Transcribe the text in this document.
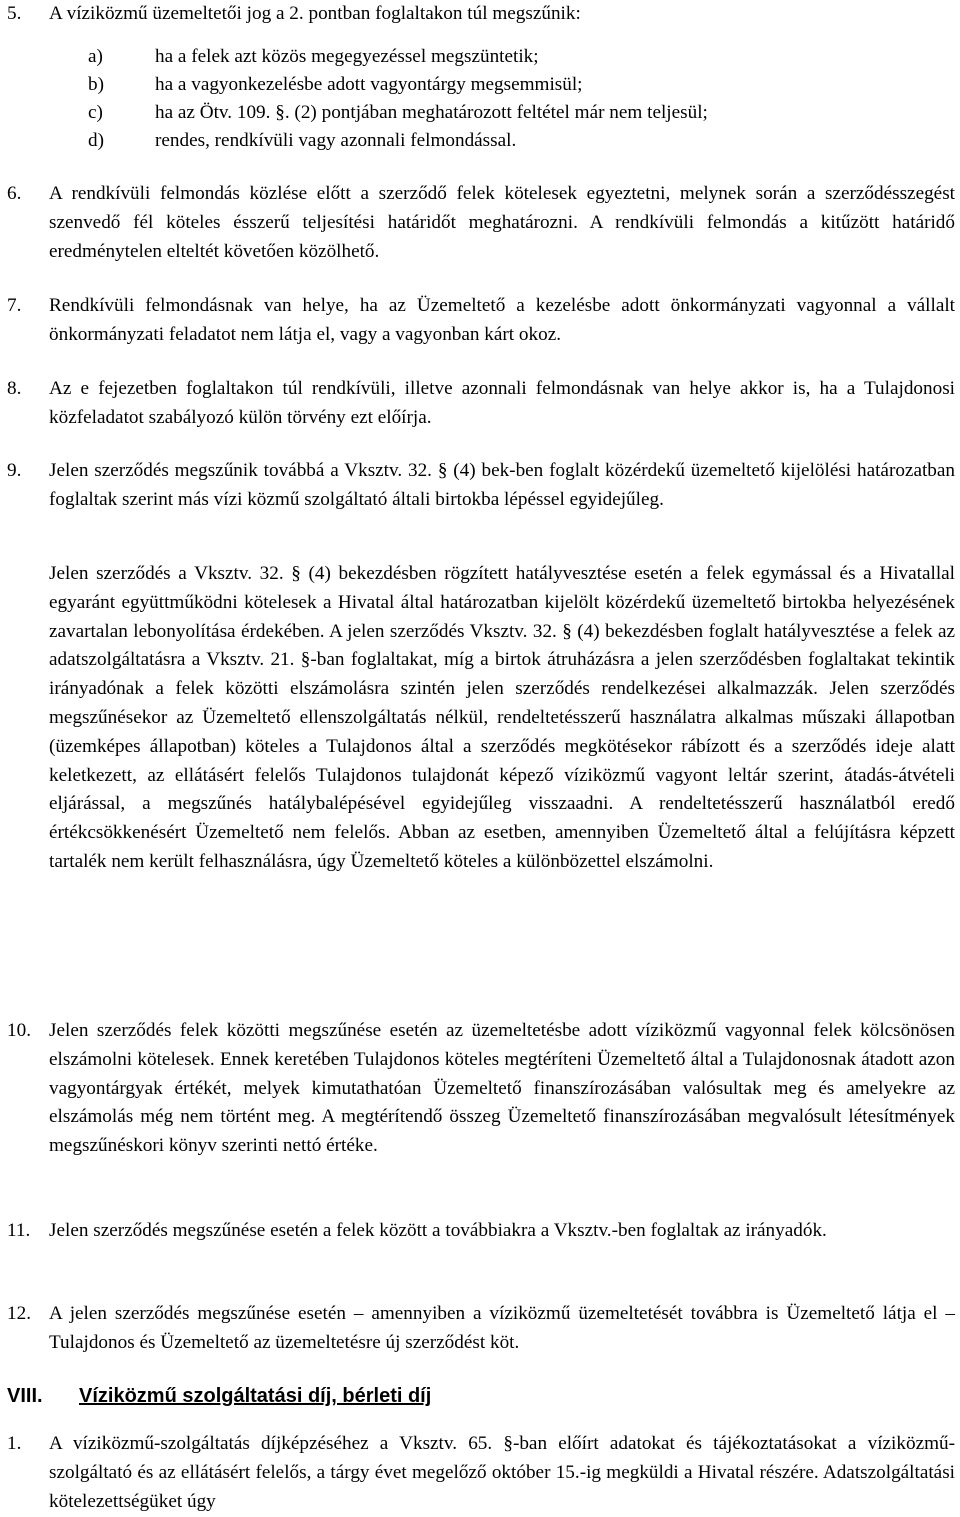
5. A víziközmű üzemeltetői jog a 2. pontban foglaltakon túl megszűnik:
a)	ha a felek azt közös megegyezéssel megszüntetik;
b)	ha a vagyonkezelésbe adott vagyontárgy megsemmisül;
c)	ha az Ötv. 109. §. (2) pontjában meghatározott feltétel már nem teljesül;
d)	rendes, rendkívüli vagy azonnali felmondással.
6. A rendkívüli felmondás közlése előtt a szerződő felek kötelesek egyeztetni, melynek során a szerződésszegést szenvedő fél köteles ésszerű teljesítési határidőt meghatározni. A rendkívüli felmondás a kitűzött határidő eredménytelen elteltét követően közölhető.
7. Rendkívüli felmondásnak van helye, ha az Üzemeltető a kezelésbe adott önkormányzati vagyonnal a vállalt önkormányzati feladatot nem látja el, vagy a vagyonban kárt okoz.
8. Az e fejezetben foglaltakon túl rendkívüli, illetve azonnali felmondásnak van helye akkor is, ha a Tulajdonosi közfeladatot szabályozó külön törvény ezt előírja.
9. Jelen szerződés megszűnik továbbá a Vksztv. 32. § (4) bek-ben foglalt közérdekű üzemeltető kijelölési határozatban foglaltak szerint más vízi közmű szolgáltató általi birtokba lépéssel egyidejűleg.
Jelen szerződés a Vksztv. 32. § (4) bekezdésben rögzített hatályvesztése esetén a felek egymással és a Hivatallal egyaránt együttműködni kötelesek a Hivatal által határozatban kijelölt közérdekű üzemeltető birtokba helyezésének zavartalan lebonyolítása érdekében. A jelen szerződés Vksztv. 32. § (4) bekezdésben foglalt hatályvesztése a felek az adatszolgáltatásra a Vksztv. 21. §-ban foglaltakat, míg a birtok átruházásra a jelen szerződésben foglaltakat tekintik irányadónak a felek közötti elszámolásra szintén jelen szerződés rendelkezései alkalmazzák. Jelen szerződés megszűnésekor az Üzemeltető ellenszolgáltatás nélkül, rendeltetésszerű használatra alkalmas műszaki állapotban (üzemképes állapotban) köteles a Tulajdonos által a szerződés megkötésekor rábízott és a szerződés ideje alatt keletkezett, az ellátásért felelős Tulajdonos tulajdonát képező víziközmű vagyont leltár szerint, átadás-átvételi eljárással, a megszűnés hatálybalépésével egyidejűleg visszaadni. A rendeltetésszerű használatból eredő értékcsökkenésért Üzemeltető nem felelős. Abban az esetben, amennyiben Üzemeltető által a felújításra képzett tartalék nem került felhasználásra, úgy Üzemeltető köteles a különbözettel elszámolni.
10. Jelen szerződés felek közötti megszűnése esetén az üzemeltetésbe adott víziközmű vagyonnal felek kölcsönösen elszámolni kötelesek. Ennek keretében Tulajdonos köteles megtéríteni Üzemeltető által a Tulajdonosnak átadott azon vagyontárgyak értékét, melyek kimutathatóan Üzemeltető finanszírozásában valósultak meg és amelyekre az elszámolás még nem történt meg. A megtérítendő összeg Üzemeltető finanszírozásában megvalósult létesítmények megszűnéskori könyv szerinti nettó értéke.
11. Jelen szerződés megszűnése esetén a felek között a továbbiakra a Vksztv.-ben foglaltak az irányadók.
12. A jelen szerződés megszűnése esetén – amennyiben a víziközmű üzemeltetését továbbra is Üzemeltető látja el – Tulajdonos és Üzemeltető az üzemeltetésre új szerződést köt.
VIII. Víziközmű szolgáltatási díj, bérleti díj
1. A víziközmű-szolgáltatás díjképzéséhez a Vksztv. 65. §-ban előírt adatokat és tájékoztatásokat a víziközmű-szolgáltató és az ellátásért felelős, a tárgy évet megelőző október 15.-ig megküldi a Hivatal részére. Adatszolgáltatási kötelezettségüket úgy
